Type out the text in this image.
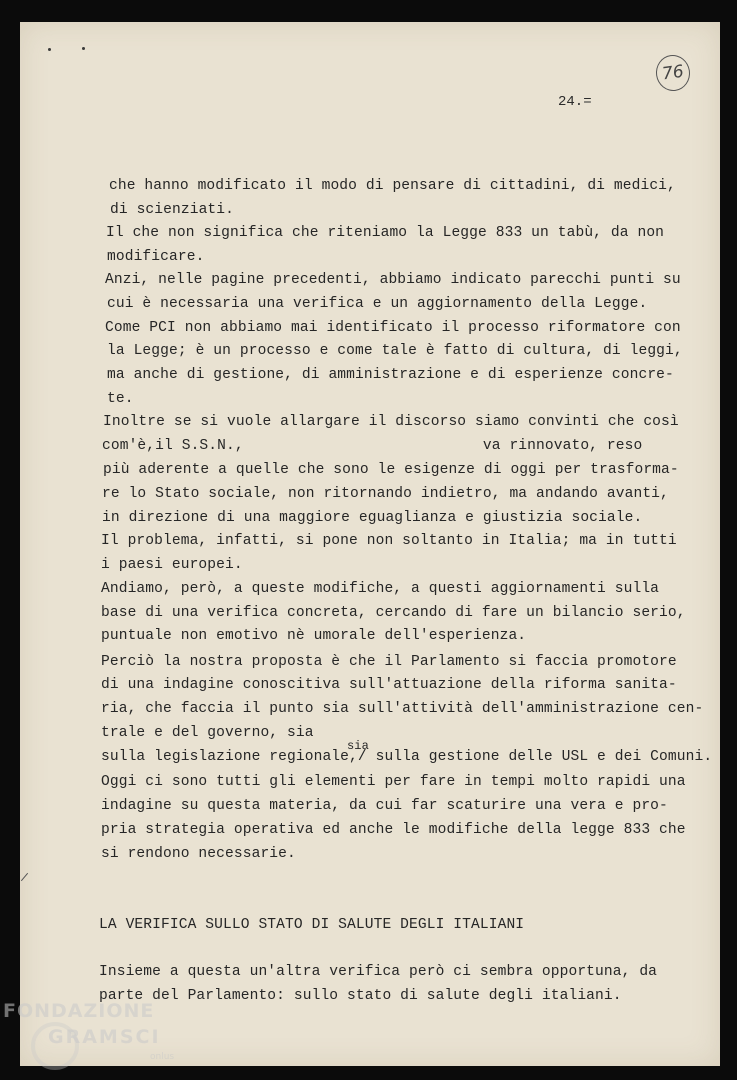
76
24.=
che hanno modificato il modo di pensare di cittadini, di medici,
di scienziati.
Il che non significa che riteniamo la Legge 833 un tabù, da non
modificare.
Anzi, nelle pagine precedenti, abbiamo indicato parecchi punti su
cui è necessaria una verifica e un aggiornamento della Legge.
Come PCI non abbiamo mai identificato il processo riformatore con
la Legge; è un processo e come tale è fatto di cultura, di leggi,
ma anche di gestione, di amministrazione e di esperienze concre-
te.
Inoltre se si vuole allargare il discorso siamo convinti che così
com'è,il S.S.N.,                           va rinnovato, reso
più aderente a quelle che sono le esigenze di oggi per trasforma-
re lo Stato sociale, non ritornando indietro, ma andando avanti,
in direzione di una maggiore eguaglianza e giustizia sociale.
Il problema, infatti, si pone non soltanto in Italia; ma in tutti
i paesi europei.
Andiamo, però, a queste modifiche, a questi aggiornamenti sulla
base di una verifica concreta, cercando di fare un bilancio serio,
puntuale non emotivo nè umorale dell'esperienza.
Perciò la nostra proposta è che il Parlamento si faccia promotore
di una indagine conoscitiva sull'attuazione della riforma sanita-
ria, che faccia il punto sia sull'attività dell'amministrazione cen-
trale e del governo, sia
sulla legislazione regionale,/ sulla gestione delle USL e dei Comuni.
Oggi ci sono tutti gli elementi per fare in tempi molto rapidi una
indagine su questa materia, da cui far scaturire una vera e pro-
pria strategia operativa ed anche le modifiche della legge 833 che
si rendono necessarie.
sia
LA VERIFICA SULLO STATO DI SALUTE DEGLI ITALIANI
Insieme a questa un'altra verifica però ci sembra opportuna, da
parte del Parlamento: sullo stato di salute degli italiani.
FONDAZIONE
GRAMSCI
onlus
